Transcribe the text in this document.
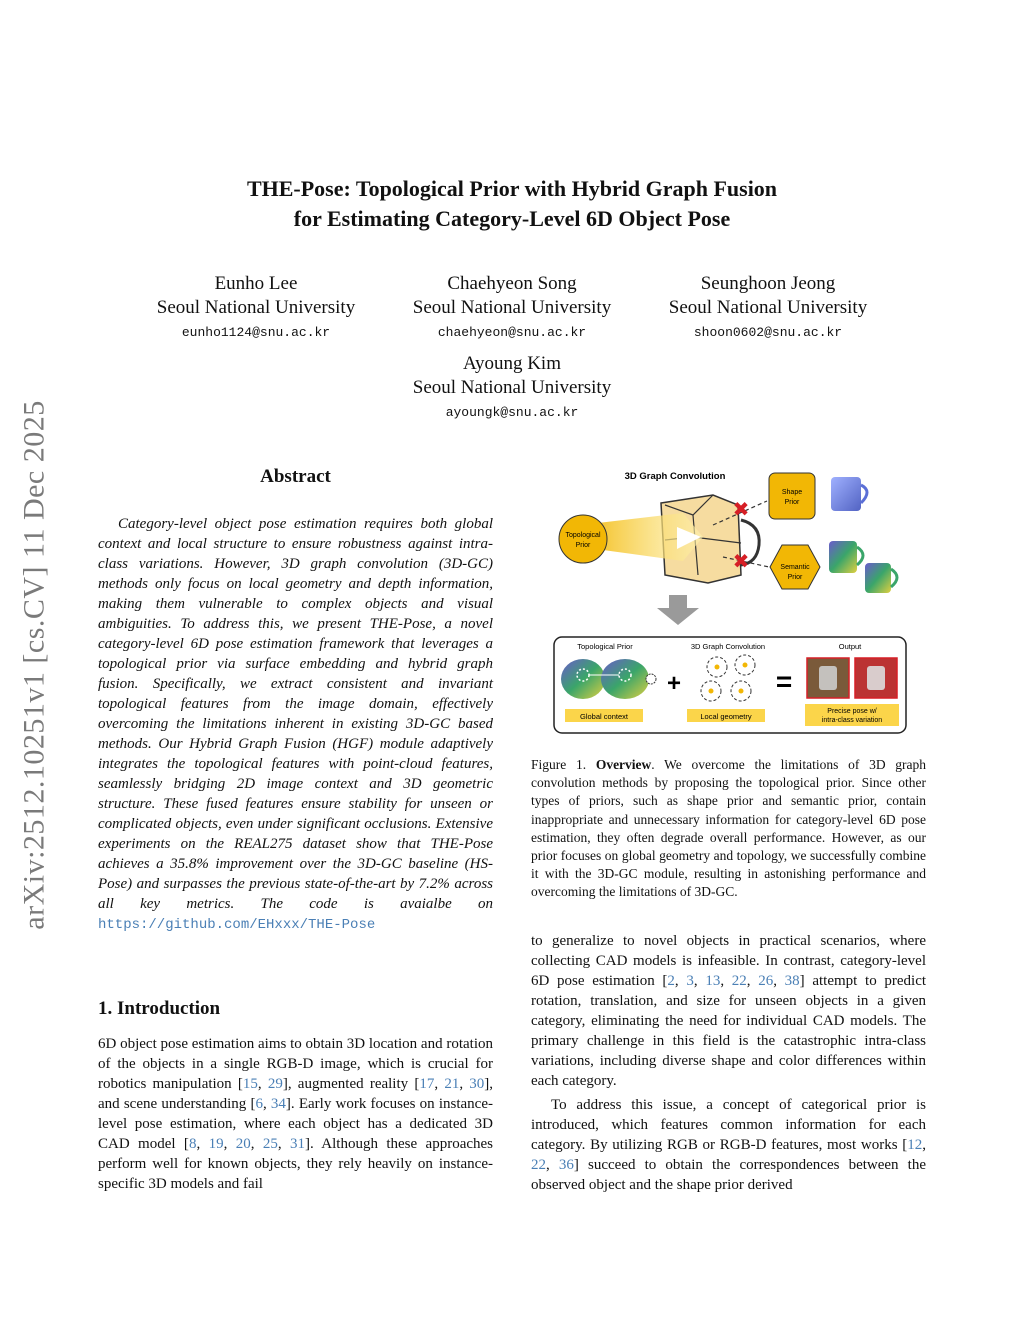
arXiv:2512.10251v1 [cs.CV] 11 Dec 2025
THE-Pose: Topological Prior with Hybrid Graph Fusion
for Estimating Category-Level 6D Object Pose
Eunho Lee
Seoul National University
eunho1124@snu.ac.kr
Chaehyeon Song
Seoul National University
chaehyeon@snu.ac.kr
Seunghoon Jeong
Seoul National University
shoon0602@snu.ac.kr
Ayoung Kim
Seoul National University
ayoungk@snu.ac.kr
Abstract

Category-level object pose estimation requires both global context and local structure to ensure robustness against intra-class variations. However, 3D graph convolution (3D-GC) methods only focus on local geometry and depth information, making them vulnerable to complex objects and visual ambiguities. To address this, we present THE-Pose, a novel category-level 6D pose estimation framework that leverages a topological prior via surface embedding and hybrid graph fusion. Specifically, we extract consistent and invariant topological features from the image domain, effectively overcoming the limitations inherent in existing 3D-GC based methods. Our Hybrid Graph Fusion (HGF) module adaptively integrates the topological features with point-cloud features, seamlessly bridging 2D image context and 3D geometric structure. These fused features ensure stability for unseen or complicated objects, even under significant occlusions. Extensive experiments on the REAL275 dataset show that THE-Pose achieves a 35.8% improvement over the 3D-GC baseline (HS-Pose) and surpasses the previous state-of-the-art by 7.2% across all key metrics. The code is avaialbe on https://github.com/EHxxx/THE-Pose

1. Introduction

6D object pose estimation aims to obtain 3D location and rotation of the objects in a single RGB-D image, which is crucial for robotics manipulation [15, 29], augmented reality [17, 21, 30], and scene understanding [6, 34]. Early work focuses on instance-level pose estimation, where each object has a dedicated 3D CAD model [8, 19, 20, 25, 31]. Although these approaches perform well for known objects, they rely heavily on instance-specific 3D models and fail

3D Graph Convolution
Topological
Prior
Shape
Prior
✖
Semantic
Prior
✖
Topological Prior	3D Graph Convolution	Output
+	=
Global context	Local geometry
Precise pose w/
intra-class variation

Figure 1. Overview. We overcome the limitations of 3D graph convolution methods by proposing the topological prior. Since other types of priors, such as shape prior and semantic prior, contain inappropriate and unnecessary information for category-level 6D pose estimation, they often degrade overall performance. However, as our prior focuses on global geometry and topology, we successfully combine it with the 3D-GC module, resulting in astonishing performance and overcoming the limitations of 3D-GC.

to generalize to novel objects in practical scenarios, where collecting CAD models is infeasible. In contrast, category-level 6D pose estimation [2, 3, 13, 22, 26, 38] attempt to predict rotation, translation, and size for unseen objects in a given category, eliminating the need for individual CAD models. The primary challenge in this field is the catastrophic intra-class variations, including diverse shape and color differences within each category.

To address this issue, a concept of categorical prior is introduced, which features common information for each category. By utilizing RGB or RGB-D features, most works [12, 22, 36] succeed to obtain the correspondences between the observed object and the shape prior derived
